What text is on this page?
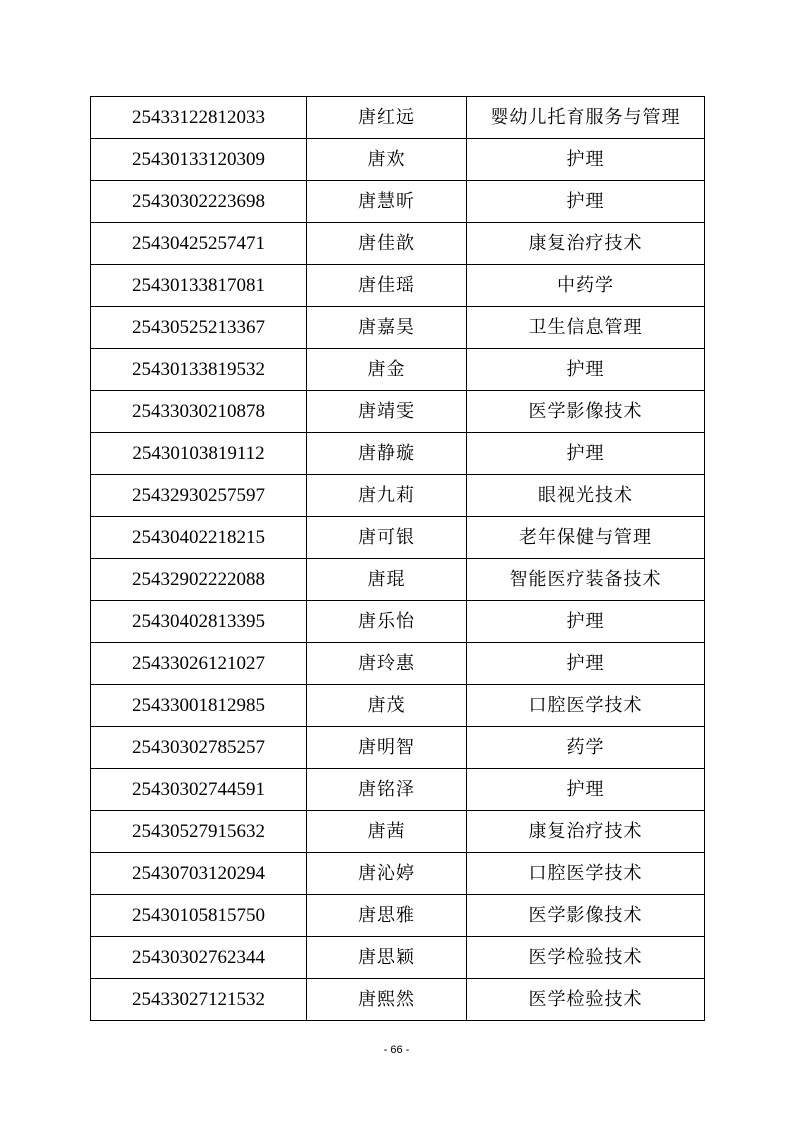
25433122812033	唐红远	婴幼儿托育服务与管理
25430133120309	唐欢	护理
25430302223698	唐慧昕	护理
25430425257471	唐佳歆	康复治疗技术
25430133817081	唐佳瑶	中药学
25430525213367	唐嘉昊	卫生信息管理
25430133819532	唐金	护理
25433030210878	唐靖雯	医学影像技术
25430103819112	唐静璇	护理
25432930257597	唐九莉	眼视光技术
25430402218215	唐可银	老年保健与管理
25432902222088	唐琨	智能医疗装备技术
25430402813395	唐乐怡	护理
25433026121027	唐玲惠	护理
25433001812985	唐茂	口腔医学技术
25430302785257	唐明智	药学
25430302744591	唐铭泽	护理
25430527915632	唐茜	康复治疗技术
25430703120294	唐沁婷	口腔医学技术
25430105815750	唐思雅	医学影像技术
25430302762344	唐思颖	医学检验技术
25433027121532	唐熙然	医学检验技术
- 66 -
